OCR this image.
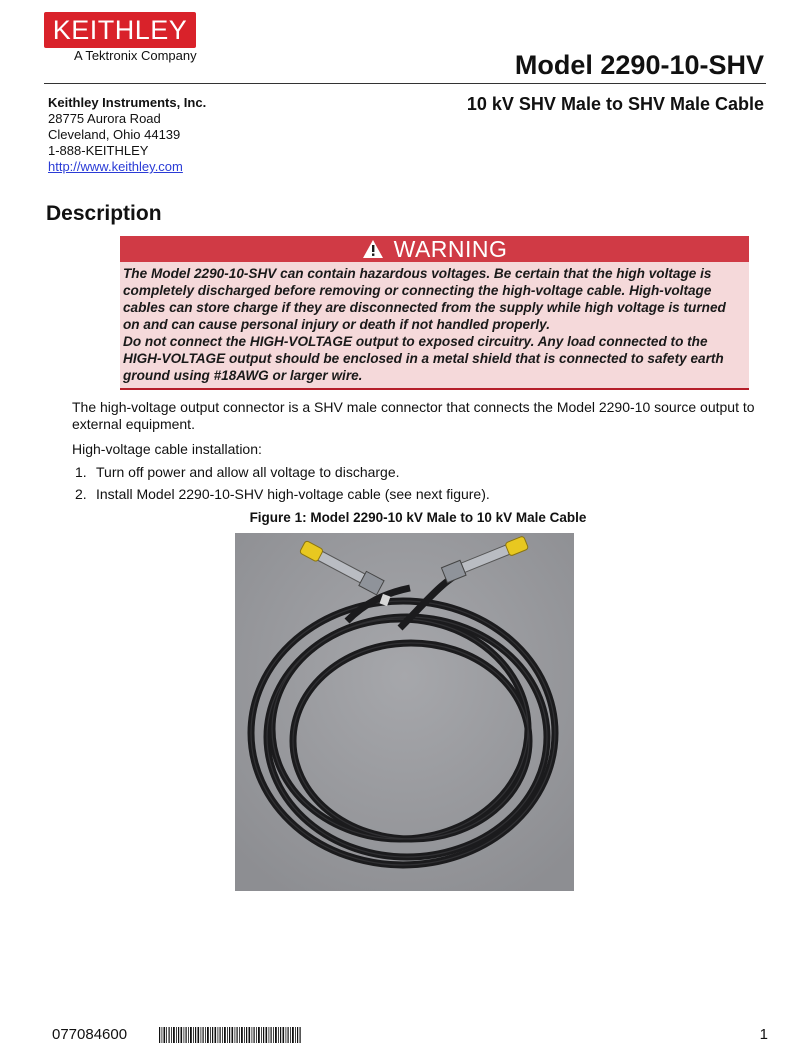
KEITHLEY
A Tektronix Company	Model 2290-10-SHV
Keithley Instruments, Inc.
28775 Aurora Road
Cleveland, Ohio 44139
1-888-KEITHLEY
http://www.keithley.com
10 kV SHV Male to SHV Male Cable
Description
WARNING
The Model 2290-10-SHV can contain hazardous voltages. Be certain that the high voltage is completely discharged before removing or connecting the high-voltage cable. High-voltage cables can store charge if they are disconnected from the supply while high voltage is turned on and can cause personal injury or death if not handled properly.
Do not connect the HIGH-VOLTAGE output to exposed circuitry. Any load connected to the HIGH-VOLTAGE output should be enclosed in a metal shield that is connected to safety earth ground using #18AWG or larger wire.
The high-voltage output connector is a SHV male connector that connects the Model 2290-10 source output to external equipment.
High-voltage cable installation:
1. Turn off power and allow all voltage to discharge.
2. Install Model 2290-10-SHV high-voltage cable (see next figure).
Figure 1: Model 2290-10 kV Male to 10 kV Male Cable
077084600	1
